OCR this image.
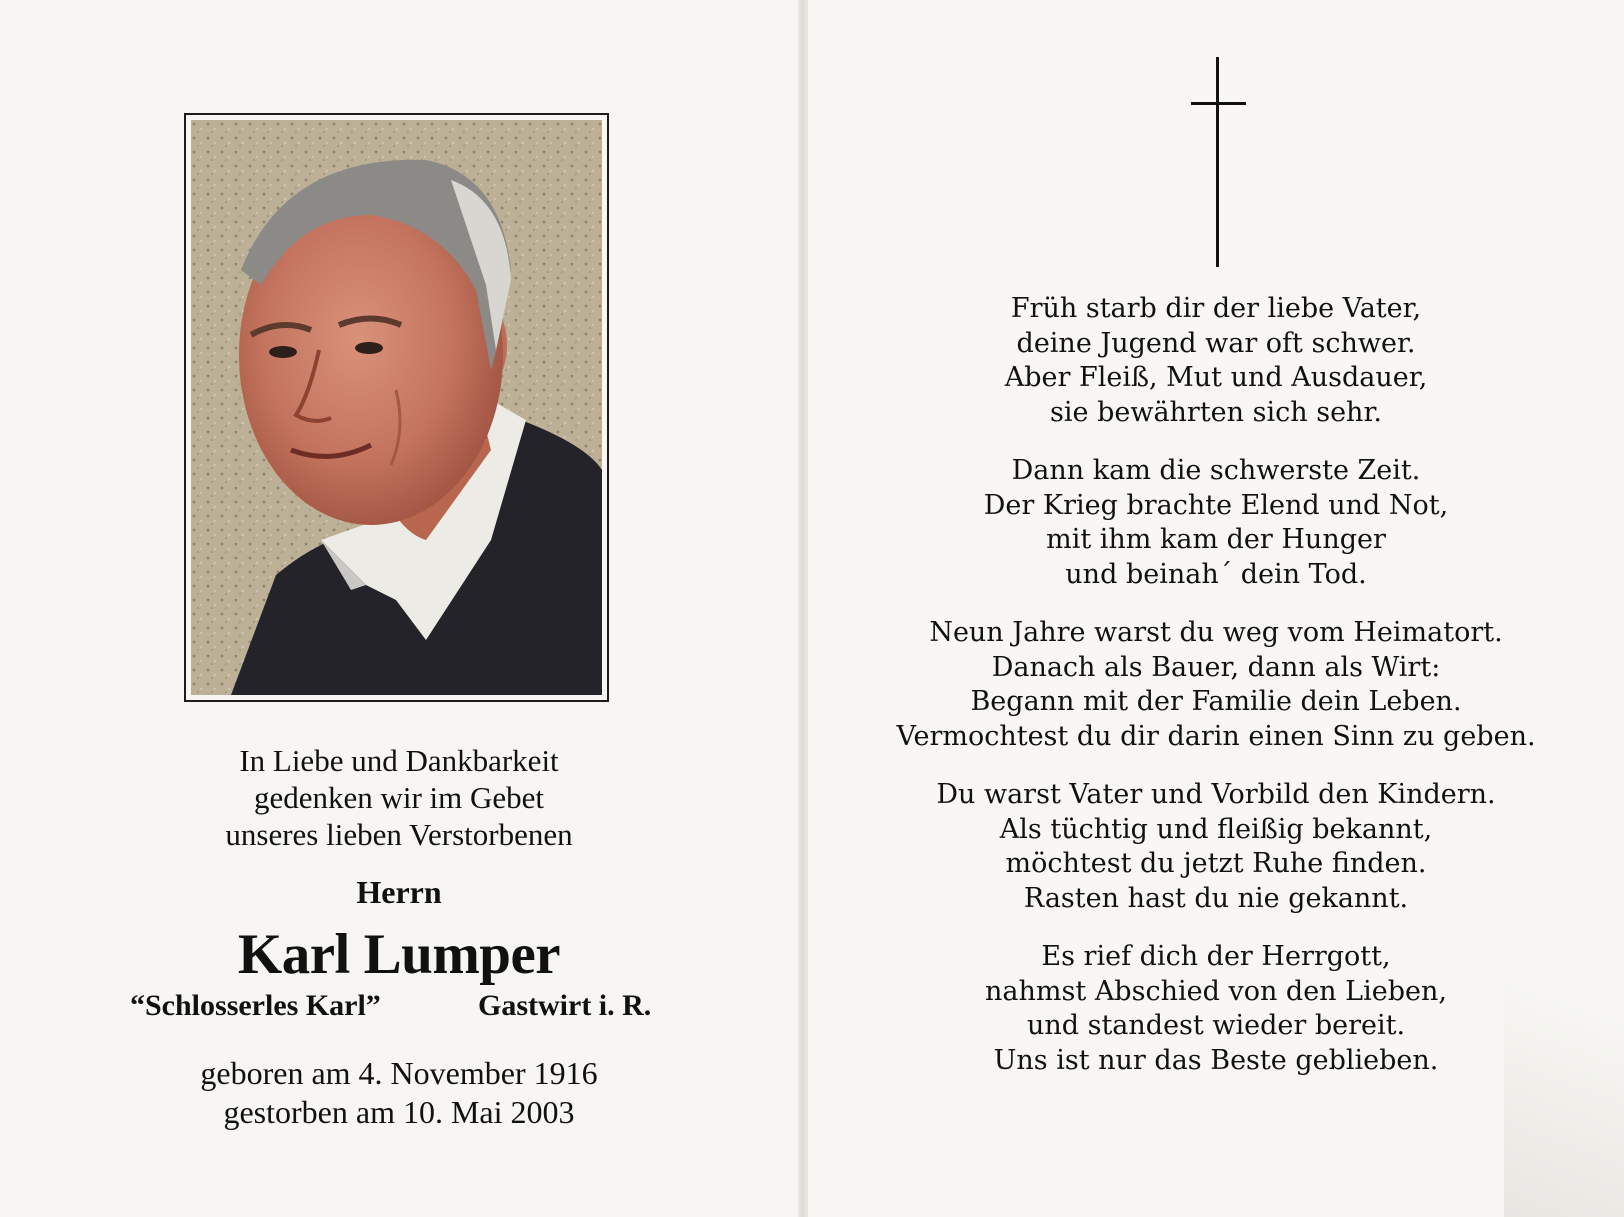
In Liebe und Dankbarkeit
gedenken wir im Gebet
unseres lieben Verstorbenen
Herrn
Karl Lumper
“Schlosserles Karl”	Gastwirt i. R.
geboren am 4. November 1916
gestorben am 10. Mai 2003
Früh starb dir der liebe Vater,
deine Jugend war oft schwer.
Aber Fleiß, Mut und Ausdauer,
sie bewährten sich sehr.
Dann kam die schwerste Zeit.
Der Krieg brachte Elend und Not,
mit ihm kam der Hunger
und beinah´ dein Tod.
Neun Jahre warst du weg vom Heimatort.
Danach als Bauer, dann als Wirt:
Begann mit der Familie dein Leben.
Vermochtest du dir darin einen Sinn zu geben.
Du warst Vater und Vorbild den Kindern.
Als tüchtig und fleißig bekannt,
möchtest du jetzt Ruhe finden.
Rasten hast du nie gekannt.
Es rief dich der Herrgott,
nahmst Abschied von den Lieben,
und standest wieder bereit.
Uns ist nur das Beste geblieben.
